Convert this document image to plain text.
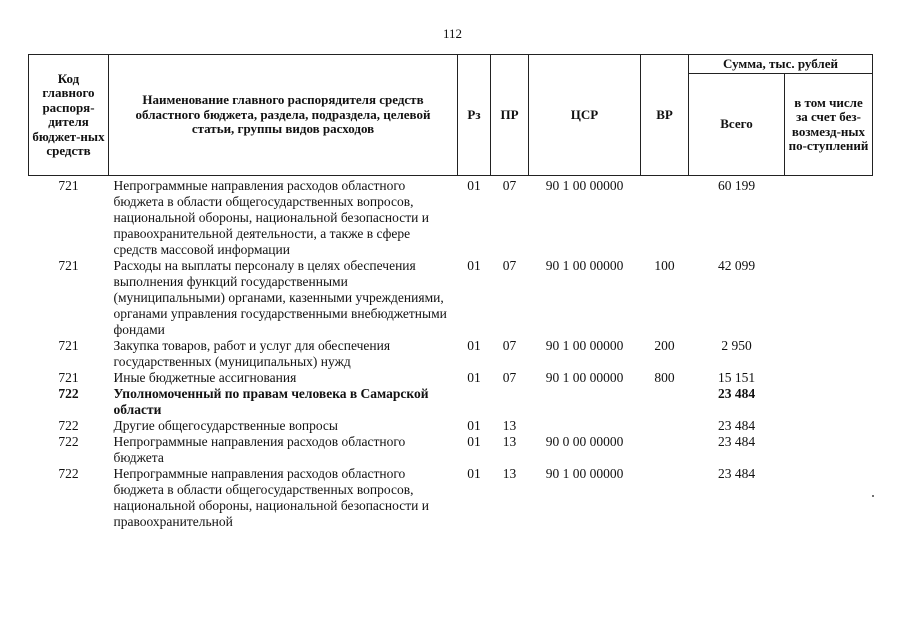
112
Код главного распоря-дителя бюджет-ных средств	Наименование главного распорядителя средств областного бюджета, раздела, подраздела, целевой статьи, группы видов расходов	Рз	ПР	ЦСР	ВР	Сумма, тыс. рублей	
						Всего	в том числе за счет без-возмезд-ных по-ступлений
721	Непрограммные направления расходов областного бюджета в области общегосударственных вопросов, национальной обороны, национальной безопасности и правоохранительной деятельности, а также в сфере средств массовой информации	01	07	90 1 00 00000		60 199	
721	Расходы на выплаты персоналу в целях обеспечения выполнения функций государственными (муниципальными) органами, казенными учреждениями, органами управления государственными внебюджетными фондами	01	07	90 1 00 00000	100	42 099	
721	Закупка товаров, работ и услуг для обеспечения государственных (муниципальных) нужд	01	07	90 1 00 00000	200	2 950	
721	Иные бюджетные ассигнования	01	07	90 1 00 00000	800	15 151	
722	Уполномоченный по правам человека в Самарской области					23 484	
722	Другие общегосударственные вопросы	01	13			23 484	
722	Непрограммные направления расходов областного бюджета	01	13	90 0 00 00000		23 484	
722	Непрограммные направления расходов областного бюджета в области общегосударственных вопросов, национальной обороны, национальной безопасности и правоохранительной	01	13	90 1 00 00000		23 484	
